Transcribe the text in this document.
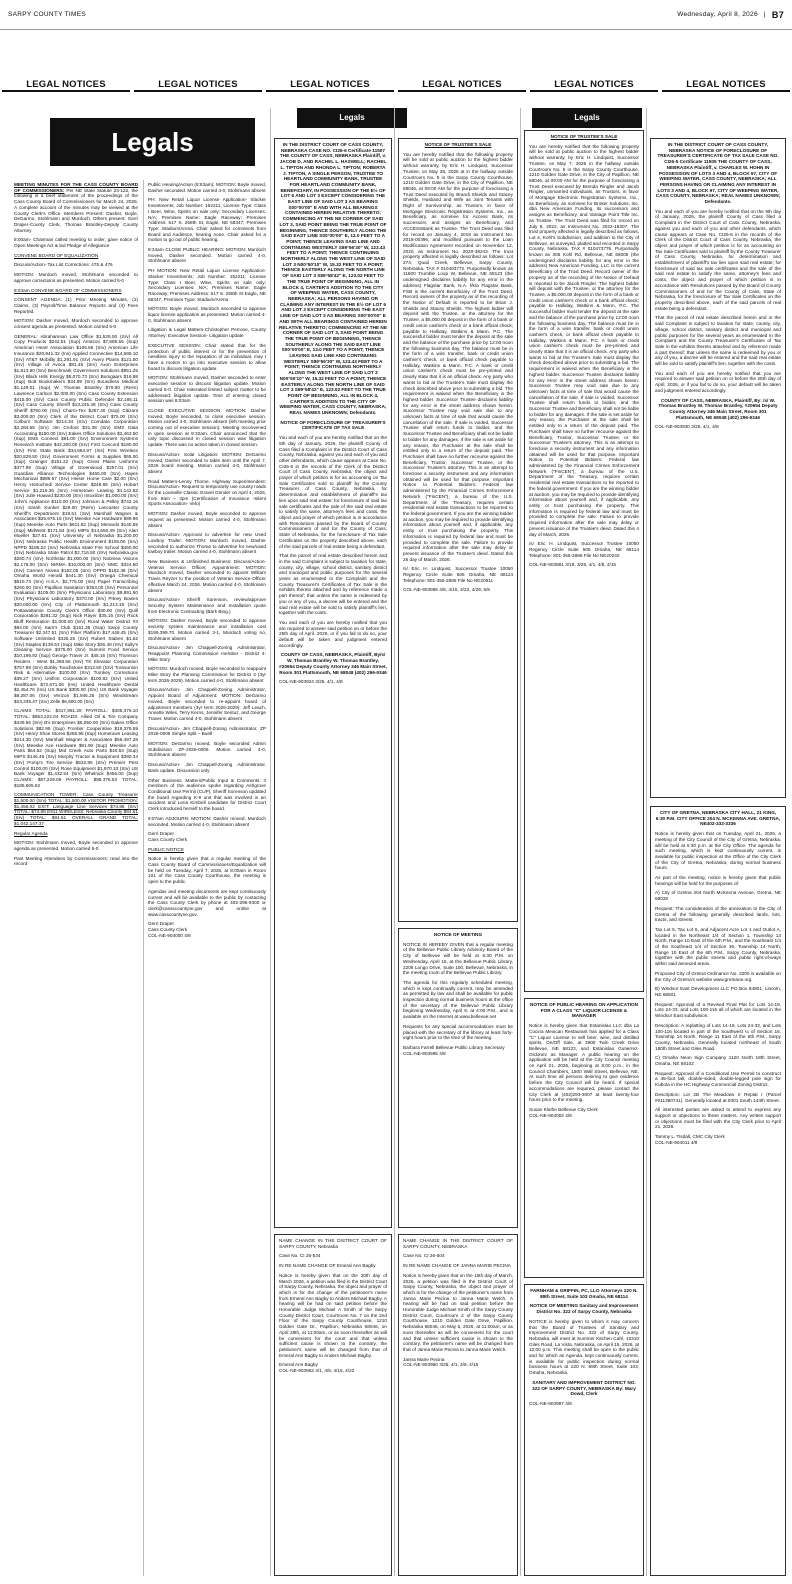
SARPY COUNTY TIMES	Wednesday, April 8, 2026 | B7
LEGAL NOTICES	LEGAL NOTICES	LEGAL NOTICES	LEGAL NOTICES	LEGAL NOTICES	LEGAL NOTICES
Legals
Legals	Legals

MEETING MINUTES FOR THE CASS COUNTY BOARD OF COMMISSIONERS: Per NE State Statute 23-122, the following is a brief statement of the proceedings of the Cass County Board of Commissioners for March 24, 2026. A complete account of the minutes may be viewed at the County Clerk's Office. Members Present: Dasher, Boyle, DeGarmo, Stohlmann and Murdoch. Others present: Gerri Draper-County Clerk, Thomas Brantley-Deputy County Attorney

8:00am- Chairman called meeting to order, gave notice of Open Meetings Act & led Pledge of Allegiance

CONVENE BOARD OF EQUALIZATION

Discuss/Action- Tax List Corrections: 475 & 476

MOTION: Murdoch moved, Stohlmann seconded to approve corrections as presented. Motion carried 5-0

8:03am CONVENE BOARD OF COMMISSIONERS

CONSENT AGENDA: (1) Prior Meeting Minutes, (2) Claims, (3) Payroll/Time Balance Reports and (4) Fees Reported.

MOTION: Dasher moved, Murdoch seconded to approve consent agenda as presented. Motion carried 5-0

GENERAL: Abrahamson Law Office $1,525.00 (Srv) All Copy Products $242.51 (Sup) Amazon $7,685.56 (Sup) American Heart Association $106.86 (Srv) American Life Insurance $20,941.32 (Ins) Applied Connective $14,686.10 (Srv) AT&T Mobility $1,291.91 (Srv) Avery Plants $121.50 (Srv) Village of Avoca $81.48 (Srv) Axon Enterprises $1,813.90 (Srv) Benchmark Government Solutions $951.25 (Srv) Black Hills Energy $5,070.73 (Srv) Bomgaars $16.98 (Sup) Bott Bookmakers $34.99 (Srv) Boundless Medical $1,149.01 (Sup) W. Thomas Brantley $79.90 (Reim) Lawrence Carlson $2,000.00 (Srv) Cass County Extension $415.00 (Srv) Cass County Public Defender $2,185.11 (Srv) Cass County Sheriff $13,245.48 (Srv) Cass County Sheriff $760.00 (Srv) Charm-Tex $257.40 (Sup) Citizant $3,000.00 (Srv) Clerk of the District Court $75.00 (Srv) Colburn Software $214.34 (Srv) Comdata Corporation $2,284.65 (Srv) Jim Crofoot $31.38 (Srv) EMS Data Accounting $150.00 (Srv) Eakes Office Solutions $2,463.50 (Sup) EMS Connect $91.00 (Srv) Environment Systems Research Institute $42,200.00 (Srv) First Concord $180.00 (Srv) First State Bank $34,684.97 (Ins) First Wireless $20,829.50 (Srv) Government Forms & Supplies $65.00 (Sup) Grainger $151.22 (Sup) Great Plains Uniforms $377.99 (Sup) Village of Greenwood $257.01 (Srv) Guardian Alliance Technologies $465.00 (Srv) Hayes Mechanical $889.57 (Srv) Heiser Home Care $2.00 (Srv) Henry Hotrochedi Service Center $248.65 (Srv) Hobart Service $1,216.36 (Srv) Hometown Leasing $1,142.52 (Srv) Julie Howard $230.00 (Srv) Intoxilizer $1,000.00 (Srv) John's Appliance $110.00 (Srv) Johnson & Pelley $742.16 (Srv) Sarah Kunkel $29.00 (Reim) Lancaster County Sheriff's Department $19.51 (Srv) Marshall Wagner & Associates $25,976.15 (Srv) Meeske Ace Hardware $99.96 (Sup) Meeske Auto Parts $611.82 (Sup) Menards $140.55 (Sup) MidWest $171.84 (Ins) MIPS $14,650.49 (Srv) Alan Mueller $27.61 (Srv) University of Nebraska $1,200.00 (Srv) Nebraska Public Health Environment $105.00 (Srv) NPPD $186.22 (Srv) Nebraska State Fire School $450.00 (Srv) Nebraska State Patrol $2,716.50 (Srv) Nebraska.gov $260.74 (Srv) Northstar $1,000.00 (Srv) Notimea Visions $2,176.00 (Srv) NIRMA $10,000.00 (Srv) NMC $324.50 (Srv) Carmen Novea $192.05 (Srv) OPPD $182.38 (Srv) Omaha World Herald $441.30 (Srv) Omega Chemical $810.73 (Srv) H.S.A. $2,775.00 (Ins) Papel Transcribing $260.00 (Srv) Papillion Sanitation $353.00 (Srv) Personnel Evaluation $105.00 (Srv) Physicians Laboratory $9,891.50 (Srv) Physicians Laboratory $370.00 (Srv) Pitney Bowes $20,000.00 (Srv) City of Plattsmouth $1,213.19 (Srv) Pottawattamie County Clerk's Office $30.00 (Srv) Quill Corporation $281.32 (Sup) Nick Rayer $35.15 (Srv) Rock Bluff Restoration $1,000.00 (Srv) Rural Water District #3 $84.00 (Srv) Sam's Club $151.35 (Sup) Sarpy County Treasurer $2,347.51 (Srv) Fiber Platform $17,448.45 (Srv) Software Unlimited $325.25 (Srv) Robert Staben $1.52 (Srv) Staples $139.53 (Sup) Mike Story $26.48 (Srv) Sully's Cleaning Service $375.00 (Srv) Summit Food Service $10,199.92 (Sup) George Traver Jr. $45.16 (Srv) Thomson Reuters - West $1,368.56 (Srv) TK Elevator Corporation $757.89 (Srv) Bobby Touchstone $312.50 (Srv) Transunion Risk & Alternative $100.00 (Srv) Turnkey Corrections $39.27 (Srv) Unifirst Corporation $100.82 (Srv) United Healthcare $72,671.06 (Ins) United Healthcare Dental $2,454.76 (Ins) US Bank $300.00 (Srv) US Bank Voyager $8,287.06 (Srv) Verizon $1,946.25 (Srv) Windstream $23,339.47 (Srv) Zelle $6,600.00 (Srv)

CLAIMS TOTAL: $317,951.28 PAYROLL: $405,376.10 TOTAL: $853,222.04 ROADS: Allied Oil & Tire Company $439.56 (Srv) B's Enterprises $6,050.00 (Srv) Eakes Office Solutions $82.95 (Sup) Frontier Cooperative $18,376.59 (Srv) Henry Shoe Stores $255.96 (Sup) Hometown Leasing $214.30 (Srv) Marshall Wagner & Associates $56,497.28 (Srv) Meeske Ace Hardware $91.90 (Sup) Meeske Auto Parts $64.52 (Sup) Mid Creek Auto Parts $40.54 (Sup) MIPS $146.45 (Srv) Murphy Tractor & Equipment $390.34 (Srv) Pomp's Tire Service $532.95 (Srv) Premier Pest Control $100.00 (Srv) Rose Equipment $1,970.10 (Srv) US Bank Voyager $1,432.54 (Srv) Whelnick $456.00 (Sup) CLAIMS: $87,229.09 PAYROLL: $98,376.53 TOTAL: $185,605.62

COMMUNICATION TOWER: Cass County Treasurer $1,500.00 (Srv) TOTAL: $1,500.00 VISITOR PROMOTION: $1,455.02 EXIT: Language Line Services $74.88 (Srv) TOTAL: $74.88 E911 WIRELESS: Nebraska County $84.61 (Srv) TOTAL: $84.61 OVERALL GRAND TOTAL: $1,042,147.37

Regular Agenda

MOTION: Stohlmann moved, Boyle seconded to approve agenda as presented. Motion carried 5-0

Past Meeting Attendees by Commissioners: read into the record

Public Hearing/Action (8:53am): MOTION: Boyle moved, Dasher seconded. Motion carried 4-0, Stohlmann absent

PH: New Retail Liquor License Application- Slacker Investments; Job Number: 152211; License Type: Class I Beer, Wine, Spirits on sale only; Secondary Licenses: N/A; Premises Name: Eagle Raceway; Premises Address: 617 S. 258th St, Eagle, NE 68347; Premises Type: Stadium/Arena. Chair asked for comments from Board and Audience, hearing none. Chair asked for a motion to go out of public hearing.

8:34am CLOSE PUBLIC HEARING: MOTION: Murdoch moved, Dasher seconded. Motion carried 4-0, Stohlmann absent

PH MOTION: New Retail Liquor License Application- Slacker Investments; Job Number: 152211; License Type: Class I Beer, Wine, Spirits on sale only; Secondary Licenses: N/A; Premises Name: Eagle Raceway; Premises Address: 617 S. 258th St Eagle, NE 68347; Premises Type: Stadium/Arena

MOTION: Boyle moved, Murdoch seconded to approve liquor license application as presented. Motion carried 4-0, Stohlmann absent

Litigation & Legal Matters-Christopher Perrone, County Attorney: Executive Session- Litigation update

EXECUTIVE SESSION: Chair stated that for the protection of public interest or for the prevention of needless injury to the reputation of an individual, may I have a motion to go into executive session to allow board to discuss litigation update.

MOTION: Stohlmann moved, Dasher seconded to enter executive session to discuss litigation update. Motion carried 5-0. Chair reiterated limited subject matter to be addressed: litigation update. Time of entering closed session was 8:03am

CLOSE EXECUTIVE SESSION: MOTION: Dasher moved, Boyle seconded, to close executive session. Motion carried 4-0, Stohlmann absent (left meeting prior coming out of executive session). Meeting reconvened in open session at 8:32am. Chair announced that the only topic discussed in closed session was litigation update. There was no action taken in closed session.

Discuss/Action- Solar Litigation: MOTION: DeGarmo moved, Dasher seconded to table item until the April 7, 2026 board meeting. Motion carried 4-0, Stohlmann absent

Road Matters-Lenny Thome, Highway Superintendent: Discuss/Action- Request to temporarily use county roads for the Louisville Classic Gravel Grinder on April 4, 2026, from 9am – 3pm (Certification of Insurance -Silent Sports Association- Velo)

MOTION: Dasher moved, Boyle seconded to approve request as presented. Motion carried 4-0, Stohlmann absent

Discuss/Action- Approval to advertise for new Used Lowboy Trailer: MOTION: Murdoch moved, Dasher seconded to authorize Thome to advertise for new/used lowboy trailer. Motion carried 4-0, Stohlmann absent

New Business & Unfinished Business: Discuss/Action- Veteran Service Officer, Appointment: MOTION: Murdoch moved, Dasher seconded to appoint William Travis Reyzer to the position of Veteran Service Officer effective March 24, 2026. Motion carried 4-0, Stohlmann absent

Discuss/Action- Sheriff Sorenson, review/approve Security System Maintenance and Installation quote from Electronic Contracting (Bark Bing.)

MOTION: Dasher moved, Boyle seconded to approve security system maintenance and installation cost $199,399.70. Motion carried 3-1, Murdoch voting no, Stohlmann absent

Discuss/Action- Jim Chappell-Zoning Administrator, Reappoint Planning Commission member - District 4- Mike Story

MOTION: Murdoch moved, Boyle seconded to reappoint Mike Story the Planning Commission for District 4 (3yr term 2026-2029). Motion carried 4-0, Stohlmann absent

Discuss/Action- Jim Chappell-Zoning Administrator, Appoint Board of Adjustment: MOTION: DeGarmo moved, Boyle seconded to re-appoint board of adjustment members (3yr term 2026-2029): Jeff Leach, Annette Wiles, Terry Kerns, Jennifer Sentuz, and George Traver. Motion carried 4-0, Stohlmann absent

Discuss/Action- Jim Chappell-Zoning Administrator, ZP 2026-0006 Simple Split – Buell

MOTION: DeGarmo moved, Boyle seconded Admin Subdivision ZP-2026-0006. Motion carried 4-0, Stohlmann absent

Discuss/Action- Jim Chappell-Zoning Administrator, Bank update. Discussion only

Other Business, Matters/Public Input & Comments: 3 members of the audience spoke regarding Ashgrove Conditional Use Permit (CUP), Sheriff Sorenson updated the board regarding K-9 unit that was involved in an accident and Lena Kimbell candidate for District Court Clerk introduced herself to the board.

9:07am ADJOURN: MOTION: Dasher moved, Murdoch seconded. Motion carried 4-0, Stohlmann absent

Gerri Draper
Cass County Clerk

PUBLIC NOTICE

Notice is hereby given that a regular meeting of the Cass County Board of Commissioners/Equalization will be held on Tuesday, April 7, 2026, at 8:00am in Room 101 of the Cass County Courthouse, the meeting is open to the public.

Agendas and meeting documents are kept continuously current and will be available to the public by contacting the Cass County Clerk by phone at 402-296-9300 or clerk@cassscountyne.gov and online at www.casscountyne.gov.

Gerri Draper
Cass County Clerk
COL-NE-904000 4/8

IN THE DISTRICT COURT OF CASS COUNTY, NEBRASKA CASE NO. CI26-6 Certificate 11507 THE COUNTY OF CASS, NEBRASKA Plaintiff, v. JACOB D. AND RACHEL L. HASWELL; RACHEL L. TIPTON AND RHONDA L. TIPTON; ROBERTA J. TIPTON, A SINGLE PERSON, TRUSTEE TO HEARTLAND COMMUNITY BANK, TRUSTEE FOR HEARTLAND COMMUNITY BANK, BENEFICIARY, IN POSSESSION OF THE E½ OF LOT 6 AND LOT 3 EXCEPT CONSIDERING THE EAST LINE OF SAID LOT 3 AS BEARING S00°00'00" E AND WITH ALL BEARINGS CONTAINED HEREIN RELATIVE THERETO; COMMENCING AT THE NE CORNER OF SAID LOT 3, SAID POINT BEING THE TRUE POINT OF BEGINNING, THENCE SOUTHERLY ALONG THE SAID EAST LINE S00°00'00" E, 13.0 FEET TO A POINT; THENCE LEAVING SAID LINE AND CONTINUING WESTERLY S89°56'30" W, 123.43 FEET TO A POINT; THENCE CONTINUING NORTHERLY ALONG THE WEST LINE OF SAID LOT 3 N00°50'10" W, 15.32 FEET TO A POINT; THENCE EASTERLY ALONG THE NORTH LINE OF SAID LOT 3 S89°58'42" E, 123.02 FEET TO THE TRUE POINT OF BEGINNING, ALL IN BLOCK 4, CARTER'S ADDITION TO THE CITY OF WEEPING WATER, CASS COUNTY, NEBRASKA; ALL PERSONS HAVING OR CLAIMING ANY INTEREST IN THE E½ OF LOT 6 AND LOT 3 EXCEPT CONSIDERING THE EAST LINE OF SAID LOT 3 AS BEARING S00°00'00" E AND WITH ALL BEARINGS CONTAINED HEREIN RELATIVE THERETO; COMMENCING AT THE NE CORNER OF SAID LOT 3, SAID POINT BEING THE TRUE POINT OF BEGINNING, THENCE SOUTHERLY ALONG THE SAID EAST LINE S00°00'00" E, 13.0 FEET TO A POINT; THENCE LEAVING SAID LINE AND CONTINUING WESTERLY S89°56'30" W, 123.43 FEET TO A POINT; THENCE CONTINUING NORTHERLY ALONG THE WEST LINE OF SAID LOT 3 N00°50'10" W, 15.32 FEET TO A POINT; THENCE EASTERLY ALONG THE NORTH LINE OF SAID LOT 3 S89°58'42" E, 123.02 FEET TO THE TRUE POINT OF BEGINNING, ALL IN BLOCK 4, CARTER'S ADDITION TO THE CITY OF WEEPING WATER, CASS COUNTY, NEBRASKA; REAL NAMES UNKNOWN; Defendants.

NOTICE OF FORECLOSURE OF TREASURER'S CERTIFICATE OF TAX SALE

You and each of you are hereby notified that on the 9th day of January, 2026, the plaintiff County of Cass filed a Complaint in the District Court of Cass County, Nebraska, against you and each of you and other defendants, which cause appears at Case No. CI26-6 in the records of the Clerk of the District Court of Cass County, Nebraska, the object and prayer of which petition is for an accounting on Tax Sale Certificates sold to plaintiff by the County Treasurer of Cass County, Nebraska, for determination and establishment of plaintiff's tax lien upon said real estate; for foreclosure of said tax sale certificates and the sale of the said real estate to satisfy the same, attorney's fees and costs, the object and prayer of which petition is in accordance with Resolutions passed by the Board of County Commissioners of and for the County of Cass, State of Nebraska, for the foreclosure of Tax Sale Certificates on the property described above, each of the said parcels of real estate being a defendant.

That the parcel of real estate described herein and in the said Complaint is subject to taxation for state, county, city, village, school district, sanitary district and municipal and public purposes for the several years as enumerated in the Complaint and the County Treasurer's Certificates of Tax Sale in the exhibits thereto attached and by reference made a part thereof; that unless the same is redeemed by you or any of you, a decree will be entered and the said real estate will be sold to satisfy plaintiff's lien, together with the costs.

You and each of you are hereby notified that you are required to answer said petition on or before the 25th day of April, 2026, or if you fail to do so, your default will be taken and judgment entered accordingly.

COUNTY OF CASS, NEBRASKA, Plaintiff, By/s/ W. Thomas Brantley W. Thomas Brantley, #20654 Deputy County Attorney 346 Main Street, Room 301 Plattsmouth, NE 68048 (402) 296-9346

COL-NE-903924 3/25, 4/1, 4/8

NAME CHANGE IN THE DISTRICT COURT OF SARPY COUNTY, Nebraska

Case No. CI 26-534

IN RE NAME CHANGE OF Emeral Ann Bagby

Notice is hereby given that on the 20th day of March 2026, a petition was filed in the District Court of Sarpy County, Nebraska, the object and prayer of which is for the change of the petitioner's name from Emeral Ann Bagby to Anders Michael Bagby. A hearing will be had on said petition before the Honorable Judge Michael A Smith of the Sarpy County District Court, Courtroom No. 7 on the 2nd Floor of the Sarpy County Courthouse, 1210 Golden Gate Dr., Papillion, Nebraska 68046, on April 28th, at 11:00am, or as soon thereafter as will be convenient for the court and that unless sufficient cause is shown to the contrary, the petitioner's name will be changed from that of Emeral Ann Bagby to Anders Michael Bagby.

Emeral Ann Bagby
COL-NE-903962 4/1, 4/8, 4/15, 4/22

NOTICE OF TRUSTEE'S SALE

You are hereby notified that the following property will be sold at public auction to the highest bidder without warranty, by Eric H. Lindquist, Successor Trustee, on May 28, 2026 at in the hallway outside Courtroom No. 5 in the Sarpy County Courthouse, 1210 Golden Gate Drive, in the City of Papillion, NE 68046, at 09:00 AM for the purpose of foreclosing a Trust Deed executed by Brandi Shields and Stacey Shields, Husband and Wife as Joint Tenants with Right of Survivorship, as Trustors, in favor of Mortgage Electronic Registration Systems, Inc., as Beneficiary, as nominee for Access Bank, its successors and assigns as Beneficiary, and ACCESSBank as Trustee. The Trust Deed was filed for record on January 4, 2018 as Instrument No. 2018-00396, and modified pursuant to the Loan Modification Agreement recorded on November 12, 2020, as Instrument No. 2020-38243. The trust property affected is legally described as follows: Lot 274, Quail Creek, Bellevue, Sarpy County, Nebraska. TAX # 010493772. Purportedly known as 11600 Trumble Loop W, Bellevue, NE 68123 (the undersigned disclaims liability for any error in the address) Flagstar Bank, N.A. f/k/a Flagstar Bank, FSB is the current Beneficiary of the Trust Deed. Record owners of the property as of the recording of the Notice of Default is reported to be Brian J. Shields and Stacey Shields. The highest bidder will deposit with the Trustee, or the attorney for the Trustee, a $5,000.00 deposit in the form of a bank or credit union cashier's check or a bank official check; payable to Halliday, Watkins & Mann, P.C. The successful bidder must tender the deposit at the sale and the balance of the purchase price by 12:00 noon the following business day. The balance must be in the form of a wire transfer, bank or credit union cashier's check, or bank official check payable to Halliday, Watkins & Mann, P.C. A bank or credit union cashier's check must be pre-printed and clearly state that it is an official check. Any party who wants to bid at the Trustee's Sale must display the check described above prior to submitting a bid. The requirement is waived when the Beneficiary is the highest bidder. Successor Trustee disclaims liability for any error in the street address shown herein. Successor Trustee may void sale due to any unknown facts at time of sale that would cause the cancellation of the sale. If sale is voided, Successor Trustee shall return funds to bidder, and the Successor Trustee and Beneficiary shall not be liable to bidder for any damages. If the sale is set aside for any reason, the Purchaser at the sale shall be entitled only to a return of the deposit paid. The Purchaser shall have no further recourse against the Beneficiary, Trustor, Successor Trustee, or the Successor Trustee's attorney. This is an attempt to foreclose a security instrument and any information obtained will be used for that purpose. Important Notice to Potential Bidders: Federal law administered by the Financial Crimes Enforcement Network ("FinCEN"), a bureau of the U.S. Department of the Treasury, requires certain residential real estate transactions to be reported to the federal government. If you are the winning bidder at auction, you may be required to provide identifying information about yourself and, if applicable, any entity or trust purchasing the property. This information is required by federal law and must be provided to complete the sale. Failure to provide required information after the sale may delay or prevent issuance of the Trustee's deed. Dated this 26 day of March, 2026.

/s/ Eric H. Lindquist, Successor Trustee 10050 Regency Circle Suite 505 Omaha, NE 68114 Telephone: 801-355-2886 File No NE20911

COL-NE-903988 4/8, 4/15, 4/22, 4/29, 5/6

NOTICE OF MEETING

NOTICE IS HEREBY GIVEN that a regular meeting of the Bellevue Public Library Advisory Board of the City of Bellevue will be held at 5:30 P.M. on Wednesday, April 15, at the Bellevue Public Library, 2206 Longo Drive, Suite 100, Bellevue, Nebraska, in the meeting room of the Bellevue Public Library.

The agenda for this regularly scheduled meeting, which is kept continually current, may be amended as permitted by law and shall be available for public inspection during normal business hours at the office of the secretary of the Bellevue Public Library beginning Wednesday, April 8, at 4:00 P.M., and is available on the Internet at www.bellevue.net

Requests for any special accommodations must be placed with the secretary of the library at least forty-eight hours prior to the time of the meeting.

Barbara Farrell Bellevue Public Library Secretary
COL-NE-903995 4/8

NAME CHANGE IN THE DISTRICT COURT OF SARPY COUNTY, NEBRASKA

Case No. CI 26-504

IN RE NAME CHANGE OF JANNA MARIE PECINA

Notice is hereby given that on the 16th day of March, 2026, a petition was filed in the District Court of Sarpy County, Nebraska, the object and prayer of which is for the change of the petitioner's name from Janna Marie Pecina to Janna Marie Welch. A hearing will be had on said petition before the Honorable Judge Michael Smith of the Sarpy County District Court, Courtroom 2 of the Sarpy County Courthouse, 1210 Golden Gate Drive, Papillion, Nebraska 68046, on May 5, 2026, at 11:00am, or as soon thereafter as will be convenient for the court and that unless sufficient cause is shown to the contrary, the petitioner's name will be changed from that of Janna Marie Pecina to Janna Marie Welch.

Janna Marie Pecina
COL-NE-903960 3/25, 4/1, 4/8, 4/15

NOTICE OF TRUSTEE'S SALE

You are hereby notified that the following property will be sold at public auction to the highest bidder without warranty, by Eric H. Lindquist, Successor Trustee, on May 7, 2026 in the hallway outside Courtroom No. 5 in the Sarpy County Courthouse, 1210 Golden Gate Drive, in the City of Papillion, NE 68046, at 09:00 AM for the purpose of foreclosing a Trust Deed executed by Brenda Ringler and Jacob Ringler, unmarried individuals, as Trustors, in favor of Mortgage Electronic Registration Systems, Inc., as Beneficiary, as nominee for Broker Solutions, Inc. dba New American Funding, its successors and assigns as Beneficiary, and Vantage Point Title Inc. as Trustee. The Trust Deed was filed for record on July 8, 2022, as Instrument No. 2022-18307. The trust property affected is legally described as follows, Lot 4, Kohl's Subdivision, and addition to the City of Bellevue, as surveyed, platted and recorded in Sarpy County, Nebraska. TAX # 010473776. Purportedly known as 305 Kohl Rd, Bellevue, NE 68005 (the undersigned disclaims liability for any error in the address) New American Funding, LLC is the current Beneficiary of the Trust Deed. Record owner of the property as of the recording of the Notice of Default is reported to be Jacob Ringler. The highest bidder will deposit with the Trustee, or the attorney for the Trustee, a $5,000.00 deposit in the form of a bank or credit union cashier's check or a bank official check; payable to Halliday, Watkins & Mann, P.C. The successful bidder must tender the deposit at the sale and the balance of the purchase price by 12:00 noon the following business day. The balance must be in the form of a wire transfer, bank or credit union cashier's check, or bank official check payable to Halliday, Watkins & Mann, P.C. A bank or credit union cashier's check must be pre-printed and clearly state that it is an official check. Any party who wants to bid at the Trustee's Sale must display the check described above prior to submitting a bid. The requirement is waived when the Beneficiary is the highest bidder. Successor Trustee disclaims liability for any error in the street address shown herein. Successor Trustee may void sale due to any unknown facts at time of sale that would cause the cancellation of the sale. If sale is voided, Successor Trustee shall return funds to bidder, and the Successor Trustee and Beneficiary shall not be liable to bidder for any damages. If the sale is set aside for any reason, the Purchaser at the sale shall be entitled only to a return of the deposit paid. The Purchaser shall have no further recourse against the Beneficiary, Trustor, Successor Trustee, or the Successor Trustee's attorney. This is an attempt to foreclose a security instrument and any information obtained will be used for that purpose. Important Notice to Potential Bidders: Federal law administered by the Financial Crimes Enforcement Network ("FinCEN"), a bureau of the U.S. Department of the Treasury, requires certain residential real estate transactions to be reported to the federal government. If you are the winning bidder at auction, you may be required to provide identifying information about yourself and, if applicable, any entity or trust purchasing the property. This information is required by federal law and must be provided to complete the sale. Failure to provide required information after the sale may delay or prevent issuance of the Trustee's deed. Dated this 4 day of March, 2026.

/s/ Eric H. Lindquist, Successor Trustee 10050 Regency Circle Suite 505 Omaha, NE 68114 Telephone: 801-355-2886 File No NE20240

COL-NE-903881 3/18, 3/25, 4/1, 4/8, 4/15

NOTICE OF PUBLIC HEARING ON APPLICATION FOR A CLASS "C" LIQUOR LICENSE & MANAGER

Notice is hereby given that Estanislao LLC dba La Cocina Mexican Restaurant has applied for a Class "C" Liquor License to sell beer, wine, and distilled spirits, On/Off Sale, at 3900 Twin Creek Drive Bellevue, NE 68123, and Estanislao Gutierrez-Ordonez as Manager. A public hearing on the application will be held at the City Council meeting on April 21, 2026, beginning at 6:00 p.m., in the Council Chambers, 1500 Wall Street, Bellevue, NE. At such time all persons desiring to give evidence before the City Council will be heard. If special accommodations are required, please contact the City Clerk at (402)293-3007 at least twenty-four hours prior to the meeting.

Susan Kluthe Bellevue City Clerk
COL-NE-904002 4/8

FARNHAM & GRIFFIN, PC, LLO Attorneys 220 N. 89th Street, Suite 103 Omaha, NE 68114

NOTICE OF MEETING Sanitary and Improvement District No. 322 of Sarpy County, Nebraska

NOTICE is hereby given to whom it may concern that the Board of Trustees of Sanitary and Improvement District No. 322 of Sarpy County, Nebraska, will meet at Summer Kitchen Café, 10310 Giles Road, La Vista, Nebraska, on April 15, 2026, at 12:00 p.m. This meeting shall be open to the public and for which an Agenda, kept continuously current, is available for public inspection during normal business hours at 220 N. 89th Street, Suite 103, Omaha, Nebraska.

SANITARY AND IMPROVEMENT DISTRICT NO. 322 OF SARPY COUNTY, NEBRASKA By: Mary Dowd, Clerk

COL-NE-903987 4/8

IN THE DISTRICT COURT OF CASS COUNTY, NEBRASKA NOTICE OF FORECLOSURE OF TREASURER'S CERTIFICATE OF TAX SALE CASE NO. CI26-5 Certificate 11505 THE COUNTY OF CASS, NEBRASKA Plaintiff, v. CHARLES W. HOHN IN POSSESSION OF LOTS 3 AND 4, BLOCK 97, CITY OF WEEPING WATER, CASS COUNTY, NEBRASKA; ALL PERSONS HAVING OR CLAIMING ANY INTEREST IN LOTS 3 AND 4, BLOCK 97, CITY OF WEEPING WATER, CASS COUNTY, NEBRASKA; REAL NAMES UNKNOWN; Defendants.

You and each of you are hereby notified that on the 9th day of January, 2026, the plaintiff County of Cass filed a Complaint in the District Court of Cass County, Nebraska, against you and each of you and other defendants, which cause appears at Case No. CI26-5 in the records of the Clerk of the District Court of Cass County, Nebraska, the object and prayer of which petition is for an accounting on Tax Sale Certificates sold to plaintiff by the County Treasurer of Cass County, Nebraska, for determination and establishment of plaintiff's tax lien upon said real estate; for foreclosure of said tax sale certificates and the sale of the said real estate to satisfy the same, attorney's fees and costs, the object and prayer of which petition is in accordance with Resolutions passed by the Board of County Commissioners of and for the County of Cass, State of Nebraska, for the foreclosure of Tax Sale Certificates on the property described above, each of the said parcels of real estate being a defendant.

That the parcel of real estate described herein and in the said Complaint is subject to taxation for state, county, city, village, school district, sanitary district and municipal and public purposes for the several years as enumerated in the Complaint and the County Treasurer's Certificates of Tax Sale in the exhibits thereto attached and by reference made a part thereof; that unless the same is redeemed by you or any of you, a decree will be entered and the said real estate will be sold to satisfy plaintiff's lien, together with the costs.

You and each of you are hereby notified that you are required to answer said petition on or before the 25th day of April, 2026, or if you fail to do so, your default will be taken and judgment entered accordingly.

COUNTY OF CASS, NEBRASKA, Plaintiff, By: /s/ W. Thomas Brantley W. Thomas Brantley, #20654 Deputy County Attorney 346 Main Street, Room 301 Plattsmouth, NE 68048 (402) 296-9346

COL-NE-903930 3/25, 4/1, 4/8

CITY OF GRETNA, NEBRASKA CITY HALL, 21 KING, 6:30 P.M. CITY OFFICE 204 N. MCKENNA AVE. GRETNA, NE402-332-3336

Notice is hereby given that on Tuesday, April 21, 2026, a meeting of the City Council of the City of Gretna, Nebraska, will be held at 6:30 p.m. at the City Office. The agenda for such meeting, which is kept continuously current, is available for public inspection at the Office of the City Clerk of the City of Gretna, Nebraska, during normal business hours.

As part of the meeting, notice is hereby given that public hearings will be held for the purposes of:

A) City of Gretna 204 North McKenna Avenue, Gretna, NE 68028

Request: The consideration of the annexation to the City of Gretna of the following generally described lands, lots, tracts, and streets:

Tax Lot 5, Tax Lot 6, and Adjacent Acre Lot 1 and Outlot A, located in the Northeast 1/4 of Section 1, Township 13 North, Range 10 East of the 6th P.M., and the Southeast 1/4 of the Southeast 1/4 of Section 36, Township 14 North, Range 10 East of the 6th P.M., Sarpy County, Nebraska, together with the public streets and public right-of-ways within said annexed areas.

Proposed City of Gretna Ordinance No. 2200 is available on the City of Gretna's website www.gretnane.org.

B) Windsor East Development LLC PO Box 84801, Lincoln, NE 68501

Request: Approval of a Revised Final Plat for Lots 14-19, Lots 24-33, and Lots 100-116 all of which are located in the Windsor East subdivision.

Description: A replatting of Lots 14-19, Lots 24-33, and Lots 100-116 located in part of the Southwest ¼ of Section 16, Township 14 North, Range 11 East of the 6th P.M., Sarpy County, Nebraska. Generally located northeast of South 180th Street and Giles Road.

C) Omaha Neon Sign Company 1120 North 18th Street, Omaha, NE 68102

Request: Approval of a Conditional Use Permit to construct a 45-foot tall, double-sided, double-legged pole sign for Kubota in the HC Highway Commercial Zoning District.

Description: Lot 2B The Meadows II Replat I (Parcel #011390741). Generally located at 9301 South 144th Street.

All interested parties are asked to attend to express any support or objections to these matters. Any written support or objections must be filed with the City Clerk prior to April 21, 2026.

Tammy L. Tisdall, CMC City Clerk
COL-NE-904011 4/8
